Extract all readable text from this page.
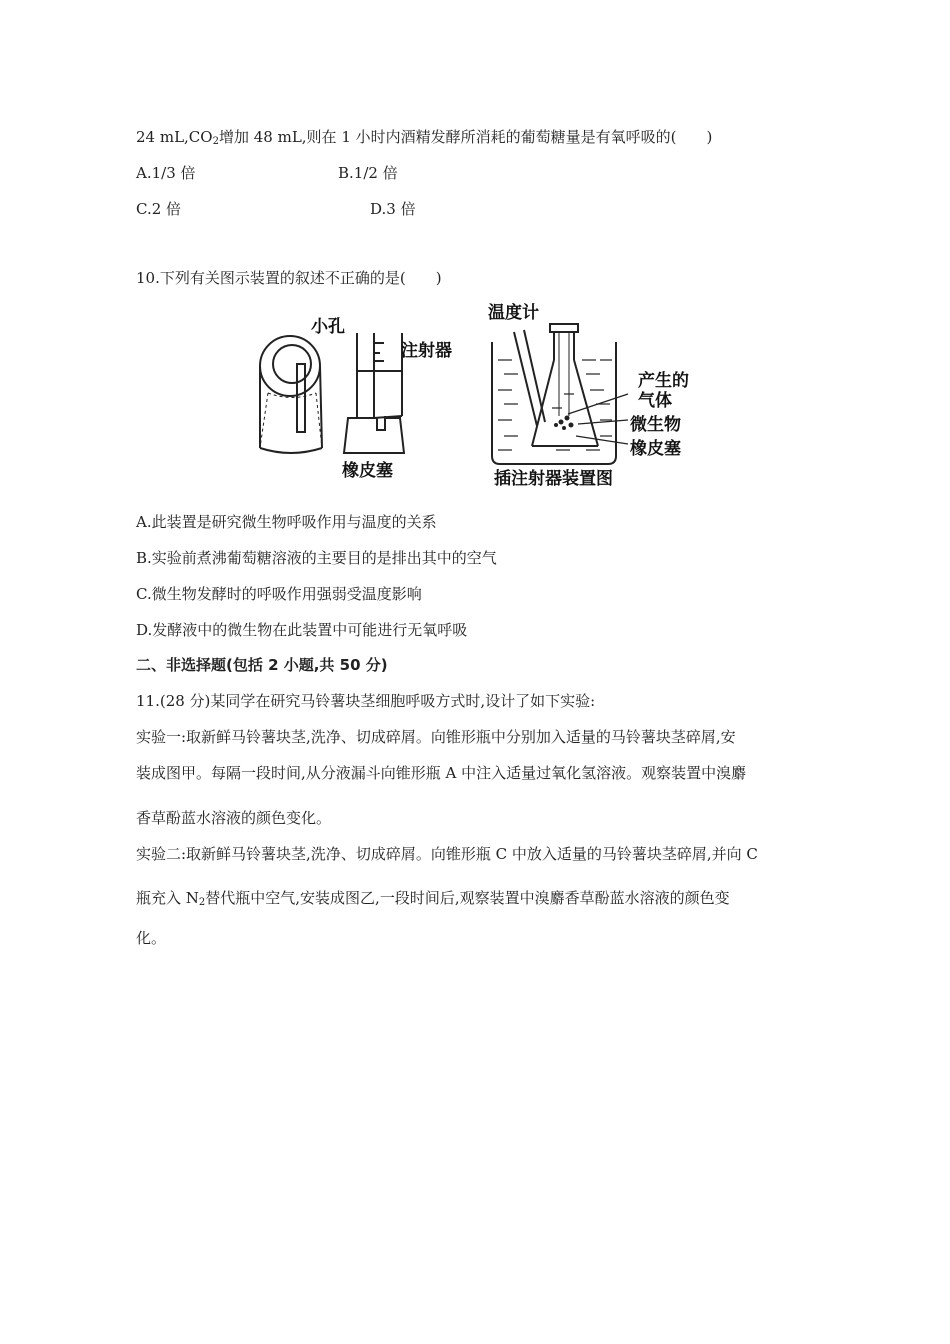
24 $mL,CO_2$增加 48 mL,则在 1 小时内酒精发酵所消耗的葡萄糖量是有氧呼吸的(　　)
A.1/3 倍	B.1/2 倍
C.2 倍	D.3 倍
10.下列有关图示装置的叙述不正确的是(　　)
小孔
注射器
橡皮塞
温度计
产生的
气体
微生物
橡皮塞
插注射器装置图
A.此装置是研究微生物呼吸作用与温度的关系
B.实验前煮沸葡萄糖溶液的主要目的是排出其中的空气
C.微生物发酵时的呼吸作用强弱受温度影响
D.发酵液中的微生物在此装置中可能进行无氧呼吸
二、非选择题(包括 2 小题,共 50 分)
11.(28 分)某同学在研究马铃薯块茎细胞呼吸方式时,设计了如下实验:
实验一:取新鲜马铃薯块茎,洗净、切成碎屑。向锥形瓶中分别加入适量的马铃薯块茎碎屑,安
装成图甲。每隔一段时间,从分液漏斗向锥形瓶 A 中注入适量过氧化氢溶液。观察装置中溴麝
香草酚蓝水溶液的颜色变化。
实验二:取新鲜马铃薯块茎,洗净、切成碎屑。向锥形瓶 C 中放入适量的马铃薯块茎碎屑,并向 C
瓶充入 $N_2$替代瓶中空气,安装成图乙,一段时间后,观察装置中溴麝香草酚蓝水溶液的颜色变
化。
